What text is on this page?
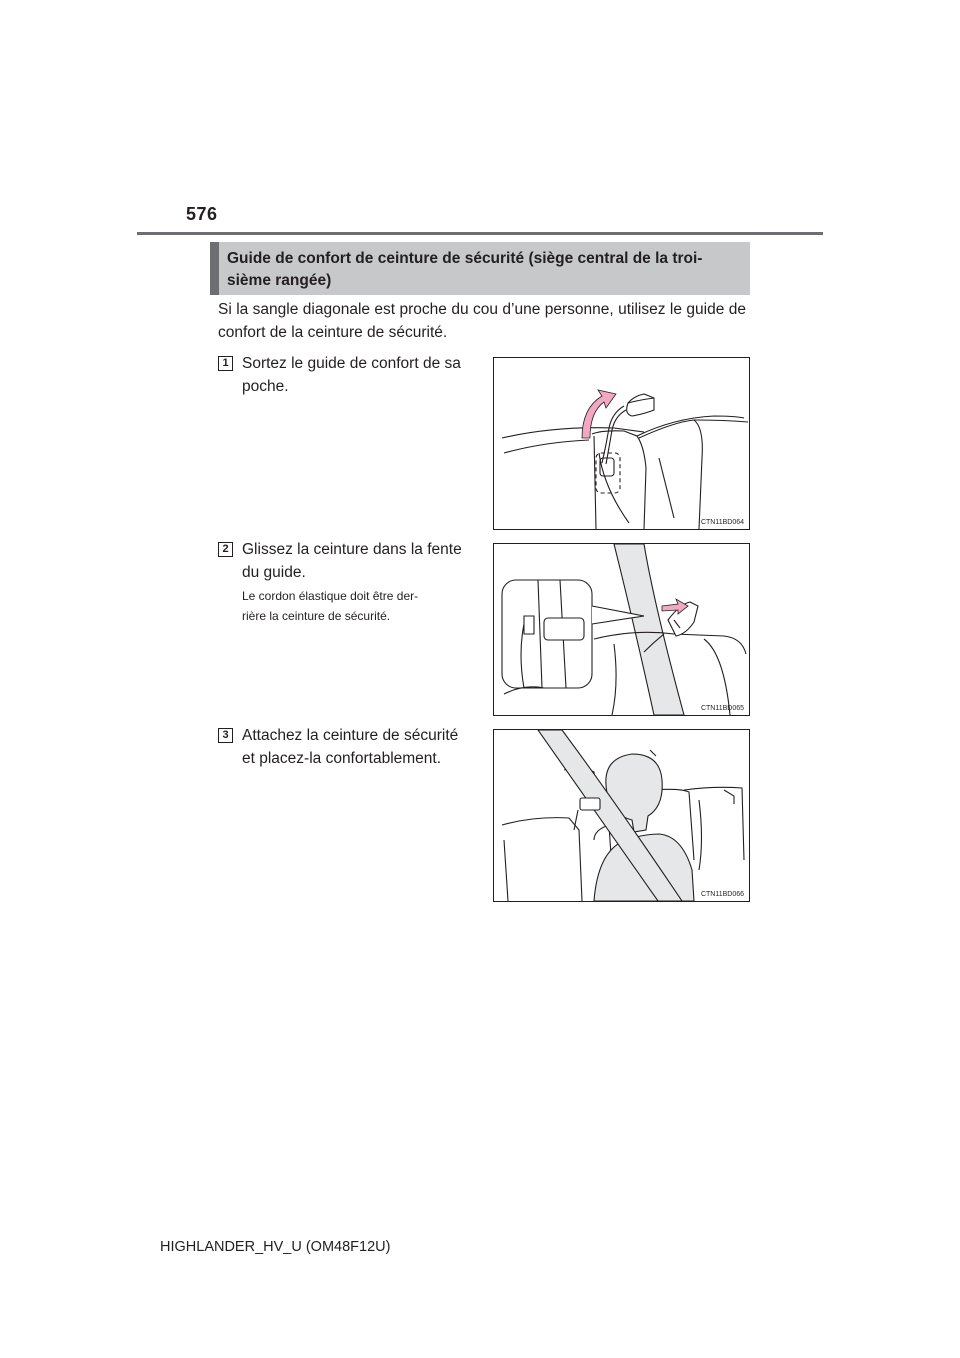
576
Guide de confort de ceinture de sécurité (siège central de la troi-
sième rangée)
Si la sangle diagonale est proche du cou d’une personne, utilisez le guide de confort de la ceinture de sécurité.
1 Sortez le guide de confort de sa
poche.
CTN11BD064
2 Glissez la ceinture dans la fente
du guide.
Le cordon élastique doit être der-
rière la ceinture de sécurité.
CTN11BD065
3 Attachez la ceinture de sécurité
et placez-la confortablement.
CTN11BD066
HIGHLANDER_HV_U (OM48F12U)
